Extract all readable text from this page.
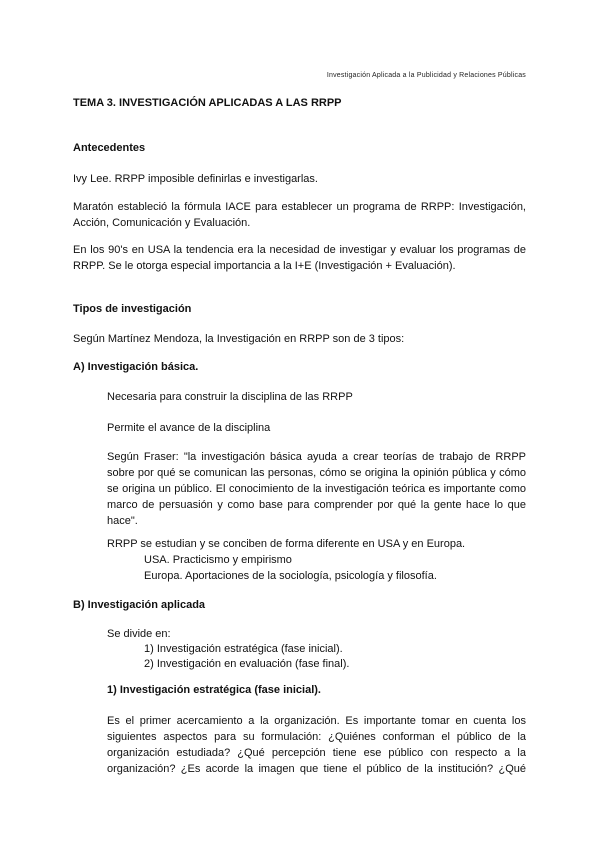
Investigación Aplicada a la Publicidad y Relaciones Públicas
TEMA 3. INVESTIGACIÓN APLICADAS A LAS RRPP
Antecedentes
Ivy Lee. RRPP imposible definirlas e investigarlas.
Maratón estableció la fórmula IACE para establecer un programa de RRPP: Investigación,
Acción, Comunicación y Evaluación.
En los 90's en USA la tendencia era la necesidad de investigar y evaluar los programas de
RRPP. Se le otorga especial importancia a la I+E (Investigación + Evaluación).
Tipos de investigación
Según Martínez Mendoza, la Investigación en RRPP son de 3 tipos:
A) Investigación básica.
Necesaria para construir la disciplina de las RRPP
Permite el avance de la disciplina
Según Fraser: "la investigación básica ayuda a crear teorías de trabajo de RRPP
sobre por qué se comunican las personas, cómo se origina la opinión pública y cómo
se origina un público. El conocimiento de la investigación teórica es importante como
marco de persuasión y como base para comprender por qué la gente hace lo que
hace".
RRPP se estudian y se conciben de forma diferente en USA y en Europa.
USA. Practicismo y empirismo
Europa. Aportaciones de la sociología, psicología y filosofía.
B) Investigación aplicada
Se divide en:
1) Investigación estratégica (fase inicial).
2) Investigación en evaluación (fase final).
1) Investigación estratégica (fase inicial).
Es el primer acercamiento a la organización. Es importante tomar en cuenta los
siguientes aspectos para su formulación: ¿Quiénes conforman el público de la
organización estudiada? ¿Qué percepción tiene ese público con respecto a la
organización? ¿Es acorde la imagen que tiene el público de la institución? ¿Qué
